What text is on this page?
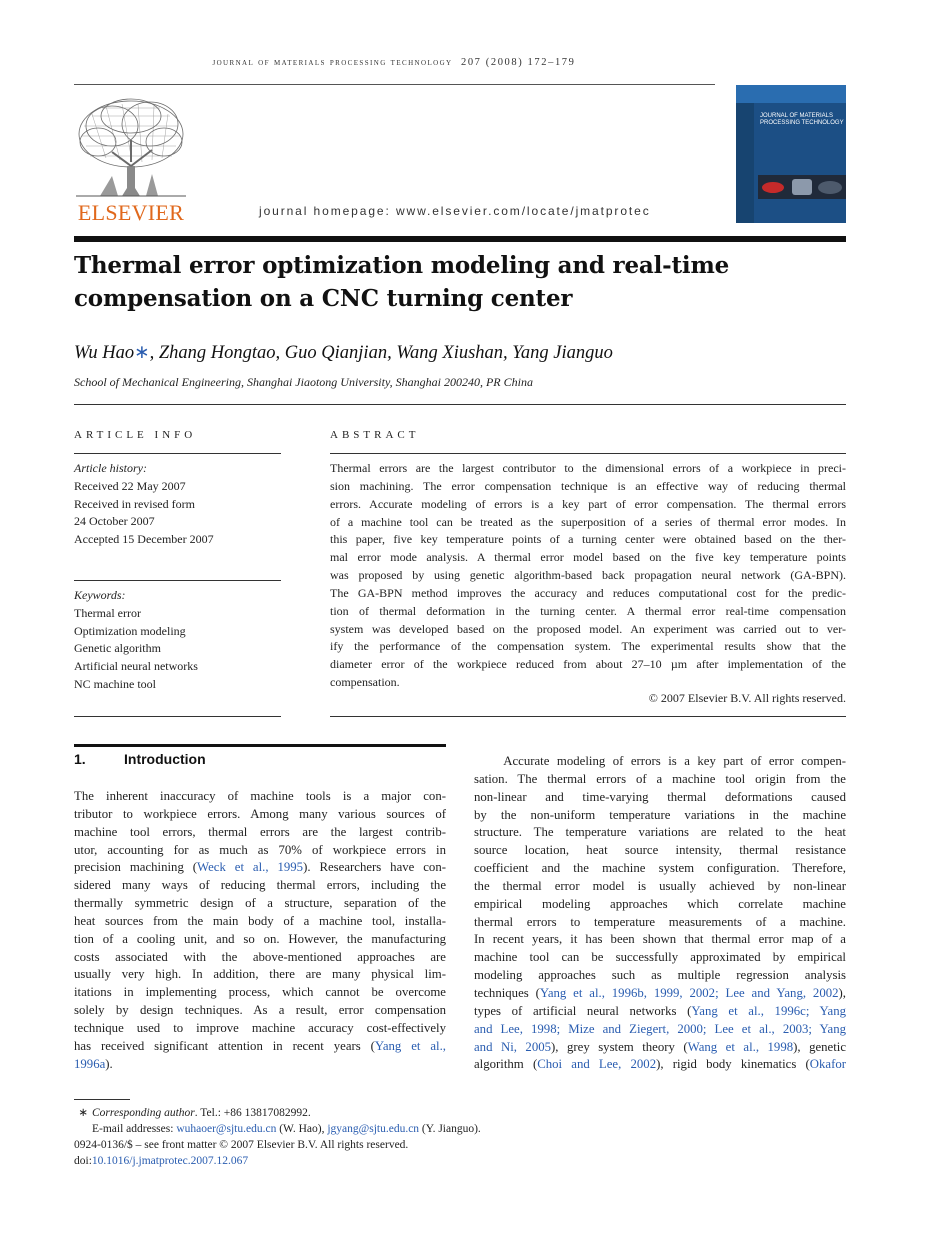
journal of materials processing technology 207 (2008) 172–179
ELSEVIER	journal homepage: www.elsevier.com/locate/jmatprotec
JOURNAL OF MATERIALS PROCESSING TECHNOLOGY
Thermal error optimization modeling and real-time
compensation on a CNC turning center
Wu Hao∗, Zhang Hongtao, Guo Qianjian, Wang Xiushan, Yang Jianguo
School of Mechanical Engineering, Shanghai Jiaotong University, Shanghai 200240, PR China
ARTICLE INFO
Article history:
Received 22 May 2007
Received in revised form
24 October 2007
Accepted 15 December 2007
Keywords:
Thermal error
Optimization modeling
Genetic algorithm
Artificial neural networks
NC machine tool
ABSTRACT
Thermal errors are the largest contributor to the dimensional errors of a workpiece in preci-
sion machining. The error compensation technique is an effective way of reducing thermal
errors. Accurate modeling of errors is a key part of error compensation. The thermal errors
of a machine tool can be treated as the superposition of a series of thermal error modes. In
this paper, five key temperature points of a turning center were obtained based on the ther-
mal error mode analysis. A thermal error model based on the five key temperature points
was proposed by using genetic algorithm-based back propagation neural network (GA-BPN).
The GA-BPN method improves the accuracy and reduces computational cost for the predic-
tion of thermal deformation in the turning center. A thermal error real-time compensation
system was developed based on the proposed model. An experiment was carried out to ver-
ify the performance of the compensation system. The experimental results show that the
diameter error of the workpiece reduced from about 27–10 µm after implementation of the
compensation.
© 2007 Elsevier B.V. All rights reserved.
1.	Introduction
The inherent inaccuracy of machine tools is a major con-
tributor to workpiece errors. Among many various sources of
machine tool errors, thermal errors are the largest contrib-
utor, accounting for as much as 70% of workpiece errors in
precision machining (Weck et al., 1995). Researchers have con-
sidered many ways of reducing thermal errors, including the
thermally symmetric design of a structure, separation of the
heat sources from the main body of a machine tool, installa-
tion of a cooling unit, and so on. However, the manufacturing
costs associated with the above-mentioned approaches are
usually very high. In addition, there are many physical lim-
itations in implementing process, which cannot be overcome
solely by design techniques. As a result, error compensation
technique used to improve machine accuracy cost-effectively
has received significant attention in recent years (Yang et al.,
1996a).
Accurate modeling of errors is a key part of error compen-
sation. The thermal errors of a machine tool origin from the
non-linear and time-varying thermal deformations caused
by the non-uniform temperature variations in the machine
structure. The temperature variations are related to the heat
source location, heat source intensity, thermal resistance
coefficient and the machine system configuration. Therefore,
the thermal error model is usually achieved by non-linear
empirical modeling approaches which correlate machine
thermal errors to temperature measurements of a machine.
In recent years, it has been shown that thermal error map of a
machine tool can be successfully approximated by empirical
modeling approaches such as multiple regression analysis
techniques (Yang et al., 1996b, 1999, 2002; Lee and Yang, 2002),
types of artificial neural networks (Yang et al., 1996c; Yang
and Lee, 1998; Mize and Ziegert, 2000; Lee et al., 2003; Yang
and Ni, 2005), grey system theory (Wang et al., 1998), genetic
algorithm (Choi and Lee, 2002), rigid body kinematics (Okafor
∗ Corresponding author. Tel.: +86 13817082992.
E-mail addresses: wuhaoer@sjtu.edu.cn (W. Hao), jgyang@sjtu.edu.cn (Y. Jianguo).
0924-0136/$ – see front matter © 2007 Elsevier B.V. All rights reserved.
doi:10.1016/j.jmatprotec.2007.12.067
